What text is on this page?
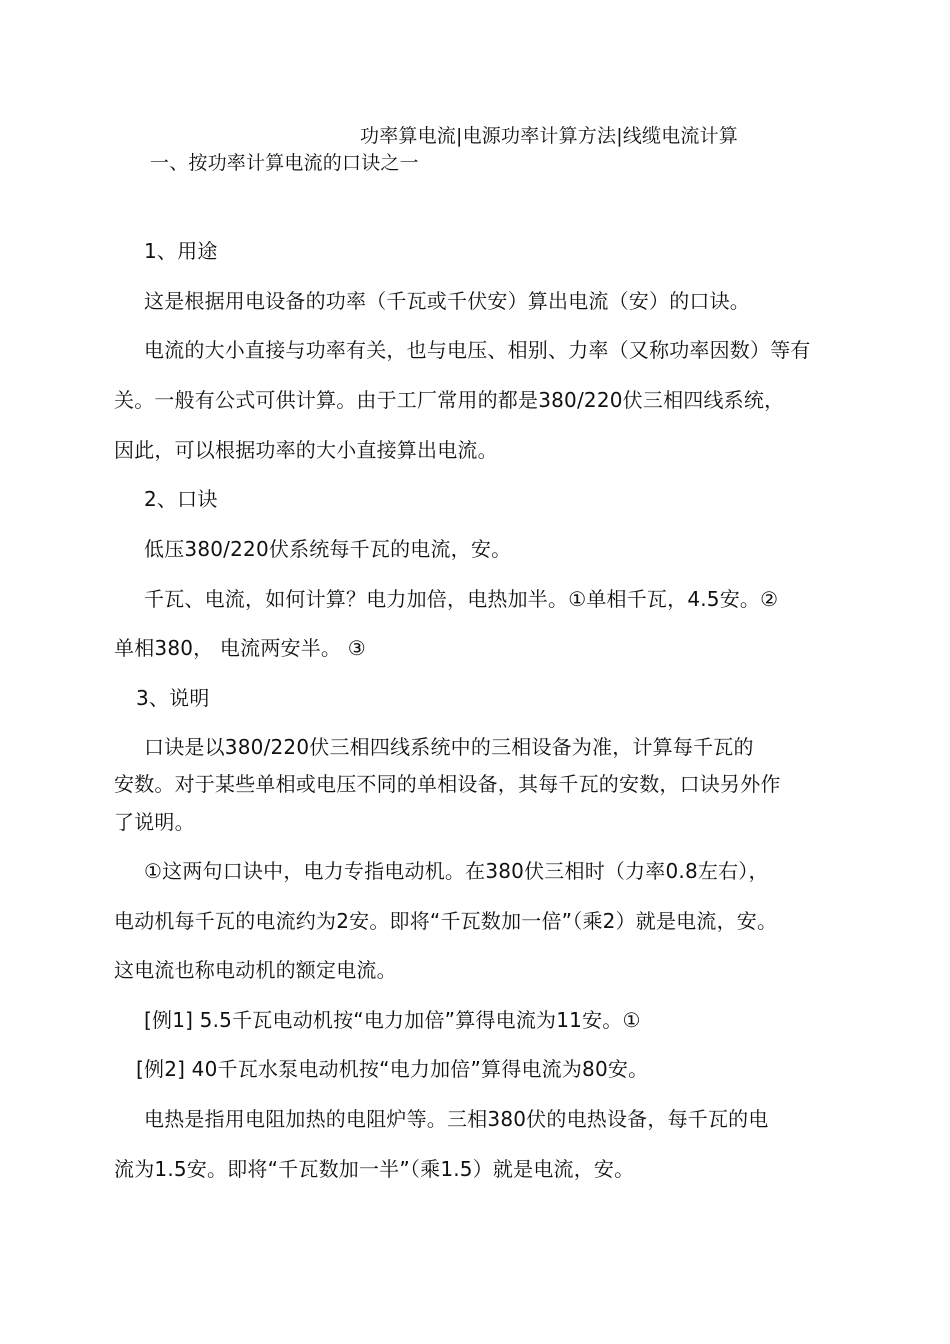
功率算电流|电源功率计算方法|线缆电流计算
一、按功率计算电流的口诀之一
1、用途
这是根据用电设备的功率（千瓦或千伏安）算出电流（安）的口诀。
电流的大小直接与功率有关，也与电压、相别、力率（又称功率因数）等有
关。一般有公式可供计算。由于工厂常用的都是380/220伏三相四线系统，
因此，可以根据功率的大小直接算出电流。
2、口诀
低压380/220伏系统每千瓦的电流，安。
千瓦、电流，如何计算？电力加倍，电热加半。①单相千瓦，4.5安。②
单相380， 电流两安半。 ③
3、说明
口诀是以380/220伏三相四线系统中的三相设备为准，计算每千瓦的
安数。对于某些单相或电压不同的单相设备，其每千瓦的安数，口诀另外作
了说明。
①这两句口诀中，电力专指电动机。在380伏三相时（力率0.8左右），
电动机每千瓦的电流约为2安。即将“千瓦数加一倍”（乘2）就是电流，安。
这电流也称电动机的额定电流。
[例1] 5.5千瓦电动机按“电力加倍”算得电流为11安。①
[例2] 40千瓦水泵电动机按“电力加倍”算得电流为80安。
电热是指用电阻加热的电阻炉等。三相380伏的电热设备，每千瓦的电
流为1.5安。即将“千瓦数加一半”（乘1.5）就是电流，安。
